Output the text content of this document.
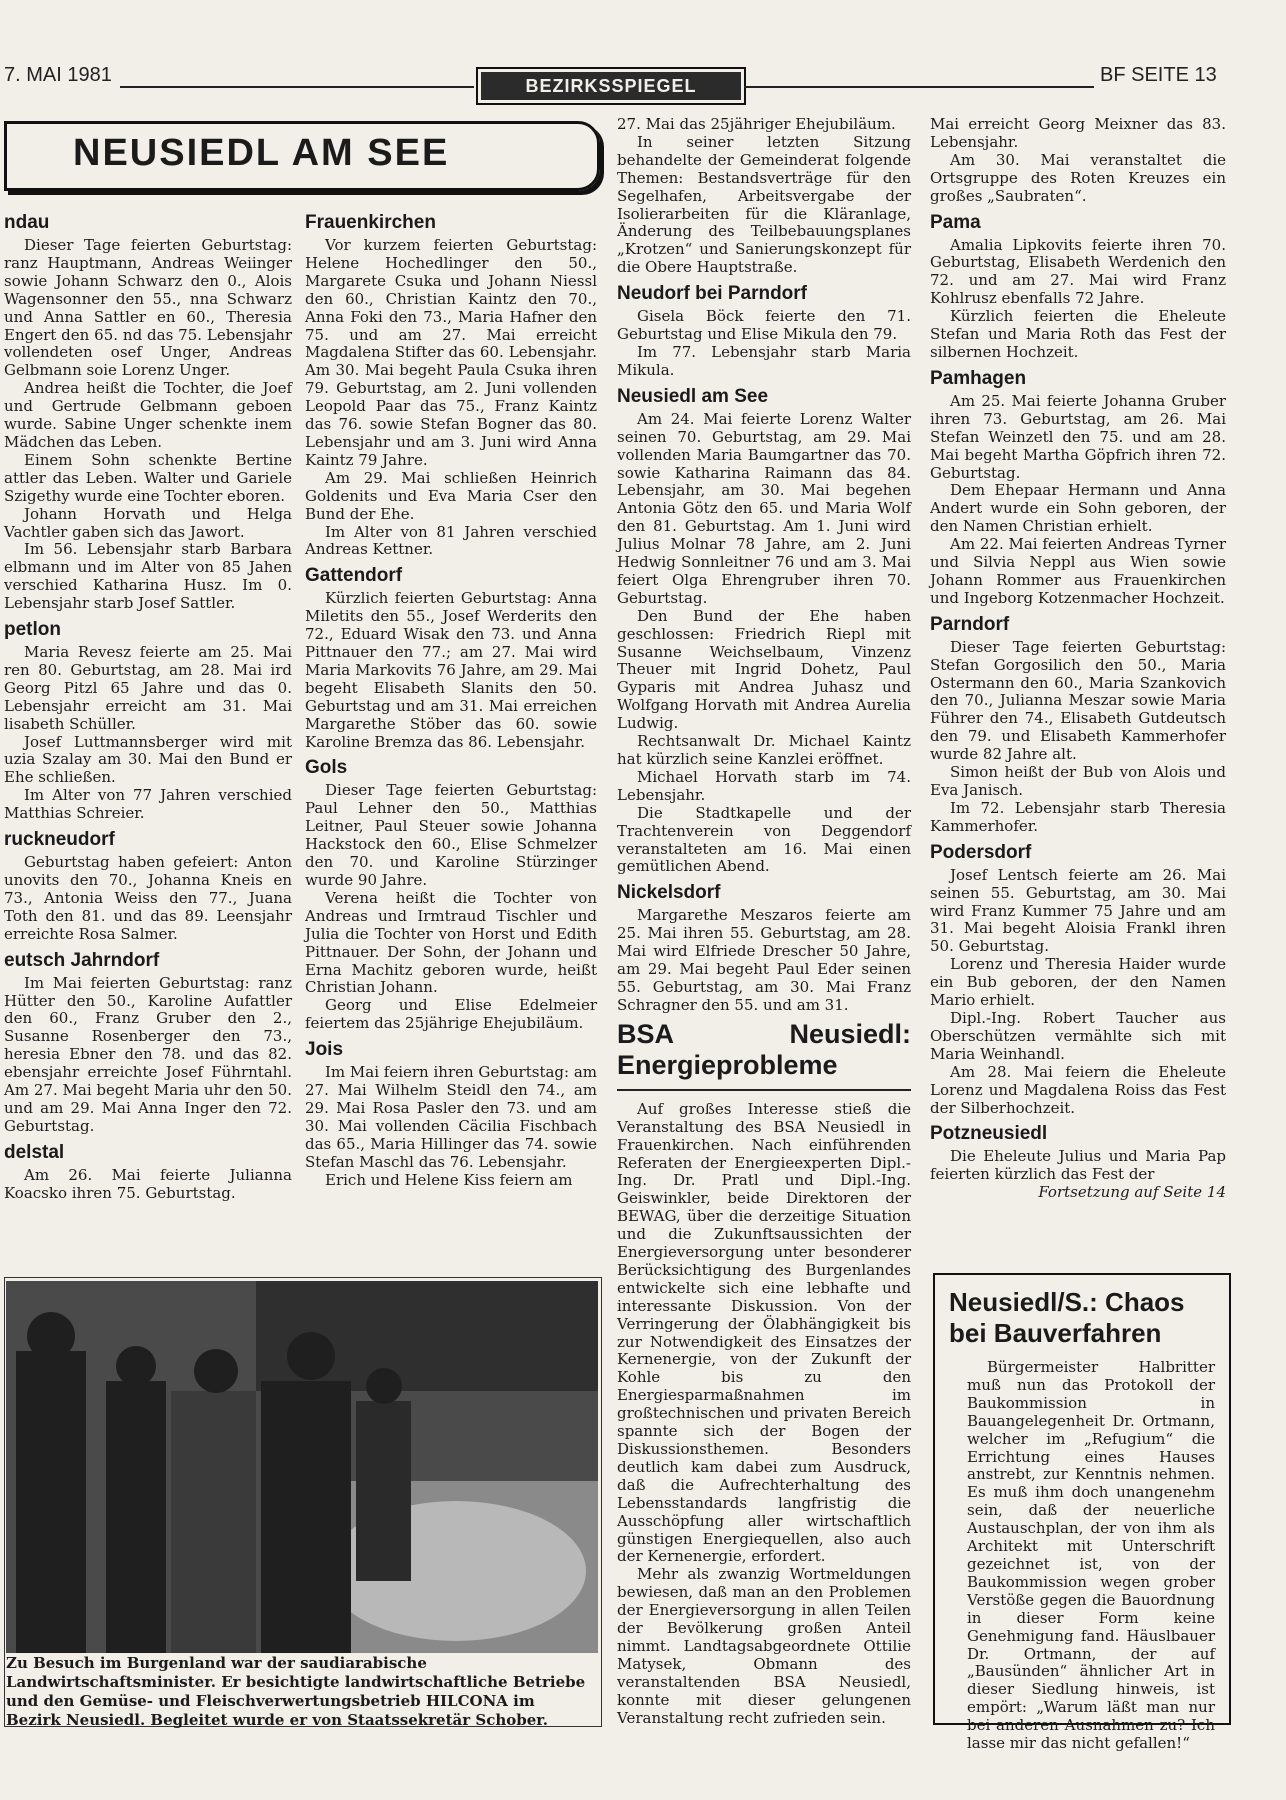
7. MAI 1981	BEZIRKSSPIEGEL	BF SEITE 13
NEUSIEDL AM SEE
ndau

Dieser Tage feierten Geburtstag: ranz Hauptmann, Andreas Weiinger sowie Johann Schwarz den 0., Alois Wagensonner den 55., nna Schwarz und Anna Sattler en 60., Theresia Engert den 65. nd das 75. Lebensjahr vollendeten osef Unger, Andreas Gelbmann soie Lorenz Unger.

Andrea heißt die Tochter, die Joef und Gertrude Gelbmann geboen wurde. Sabine Unger schenkte inem Mädchen das Leben.

Einem Sohn schenkte Bertine attler das Leben. Walter und Gariele Szigethy wurde eine Tochter eboren.

Johann Horvath und Helga Vachtler gaben sich das Jawort.

Im 56. Lebensjahr starb Barbara elbmann und im Alter von 85 Jahen verschied Katharina Husz. Im 0. Lebensjahr starb Josef Sattler.

petlon

Maria Revesz feierte am 25. Mai ren 80. Geburtstag, am 28. Mai ird Georg Pitzl 65 Jahre und das 0. Lebensjahr erreicht am 31. Mai lisabeth Schüller.

Josef Luttmannsberger wird mit uzia Szalay am 30. Mai den Bund er Ehe schließen.

Im Alter von 77 Jahren verschied Matthias Schreier.

ruckneudorf

Geburtstag haben gefeiert: Anton unovits den 70., Johanna Kneis en 73., Antonia Weiss den 77., Juana Toth den 81. und das 89. Leensjahr erreichte Rosa Salmer.

eutsch Jahrndorf

Im Mai feierten Geburtstag: ranz Hütter den 50., Karoline Aufattler den 60., Franz Gruber den 2., Susanne Rosenberger den 73., heresia Ebner den 78. und das 82. ebensjahr erreichte Josef Führntahl. Am 27. Mai begeht Maria uhr den 50. und am 29. Mai Anna Inger den 72. Geburtstag.

delstal

Am 26. Mai feierte Julianna Koacsko ihren 75. Geburtstag.

Frauenkirchen

Vor kurzem feierten Geburtstag: Helene Hochedlinger den 50., Margarete Csuka und Johann Niessl den 60., Christian Kaintz den 70., Anna Foki den 73., Maria Hafner den 75. und am 27. Mai erreicht Magdalena Stifter das 60. Lebensjahr. Am 30. Mai begeht Paula Csuka ihren 79. Geburtstag, am 2. Juni vollenden Leopold Paar das 75., Franz Kaintz das 76. sowie Stefan Bogner das 80. Lebensjahr und am 3. Juni wird Anna Kaintz 79 Jahre.

Am 29. Mai schließen Heinrich Goldenits und Eva Maria Cser den Bund der Ehe.

Im Alter von 81 Jahren verschied Andreas Kettner.

Gattendorf

Kürzlich feierten Geburtstag: Anna Miletits den 55., Josef Werderits den 72., Eduard Wisak den 73. und Anna Pittnauer den 77.; am 27. Mai wird Maria Markovits 76 Jahre, am 29. Mai begeht Elisabeth Slanits den 50. Geburtstag und am 31. Mai erreichen Margarethe Stöber das 60. sowie Karoline Bremza das 86. Lebensjahr.

Gols

Dieser Tage feierten Geburtstag: Paul Lehner den 50., Matthias Leitner, Paul Steuer sowie Johanna Hackstock den 60., Elise Schmelzer den 70. und Karoline Stürzinger wurde 90 Jahre.

Verena heißt die Tochter von Andreas und Irmtraud Tischler und Julia die Tochter von Horst und Edith Pittnauer. Der Sohn, der Johann und Erna Machitz geboren wurde, heißt Christian Johann.

Georg und Elise Edelmeier feiertem das 25jährige Ehejubiläum.

Jois

Im Mai feiern ihren Geburtstag: am 27. Mai Wilhelm Steidl den 74., am 29. Mai Rosa Pasler den 73. und am 30. Mai vollenden Cäcilia Fischbach das 65., Maria Hillinger das 74. sowie Stefan Maschl das 76. Lebensjahr.

Erich und Helene Kiss feiern am

27. Mai das 25jähriger Ehejubiläum.

In seiner letzten Sitzung behandelte der Gemeinderat folgende Themen: Bestandsverträge für den Segelhafen, Arbeitsvergabe der Isolierarbeiten für die Kläranlage, Änderung des Teilbebauungsplanes „Krotzen“ und Sanierungskonzept für die Obere Hauptstraße.

Neudorf bei Parndorf

Gisela Böck feierte den 71. Geburtstag und Elise Mikula den 79.

Im 77. Lebensjahr starb Maria Mikula.

Neusiedl am See

Am 24. Mai feierte Lorenz Walter seinen 70. Geburtstag, am 29. Mai vollenden Maria Baumgartner das 70. sowie Katharina Raimann das 84. Lebensjahr, am 30. Mai begehen Antonia Götz den 65. und Maria Wolf den 81. Geburtstag. Am 1. Juni wird Julius Molnar 78 Jahre, am 2. Juni Hedwig Sonnleitner 76 und am 3. Mai feiert Olga Ehrengruber ihren 70. Geburtstag.

Den Bund der Ehe haben geschlossen: Friedrich Riepl mit Susanne Weichselbaum, Vinzenz Theuer mit Ingrid Dohetz, Paul Gyparis mit Andrea Juhasz und Wolfgang Horvath mit Andrea Aurelia Ludwig.

Rechtsanwalt Dr. Michael Kaintz hat kürzlich seine Kanzlei eröffnet.

Michael Horvath starb im 74. Lebensjahr.

Die Stadtkapelle und der Trachtenverein von Deggendorf veranstalteten am 16. Mai einen gemütlichen Abend.

Nickelsdorf

Margarethe Meszaros feierte am 25. Mai ihren 55. Geburtstag, am 28. Mai wird Elfriede Drescher 50 Jahre, am 29. Mai begeht Paul Eder seinen 55. Geburtstag, am 30. Mai Franz Schragner den 55. und am 31.

BSA Neusiedl: Energieprobleme

Auf großes Interesse stieß die Veranstaltung des BSA Neusiedl in Frauenkirchen. Nach einführenden Referaten der Energieexperten Dipl.-Ing. Dr. Pratl und Dipl.-Ing. Geiswinkler, beide Direktoren der BEWAG, über die derzeitige Situation und die Zukunftsaussichten der Energieversorgung unter besonderer Berücksichtigung des Burgenlandes entwickelte sich eine lebhafte und interessante Diskussion. Von der Verringerung der Ölabhängigkeit bis zur Notwendigkeit des Einsatzes der Kernenergie, von der Zukunft der Kohle bis zu den Energiesparmaßnahmen im großtechnischen und privaten Bereich spannte sich der Bogen der Diskussionsthemen. Besonders deutlich kam dabei zum Ausdruck, daß die Aufrechterhaltung des Lebensstandards langfristig die Ausschöpfung aller wirtschaftlich günstigen Energiequellen, also auch der Kernenergie, erfordert.

Mehr als zwanzig Wortmeldungen bewiesen, daß man an den Problemen der Energieversorgung in allen Teilen der Bevölkerung großen Anteil nimmt. Landtagsabgeordnete Ottilie Matysek, Obmann des veranstaltenden BSA Neusiedl, konnte mit dieser gelungenen Veranstaltung recht zufrieden sein.

Mai erreicht Georg Meixner das 83. Lebensjahr.

Am 30. Mai veranstaltet die Ortsgruppe des Roten Kreuzes ein großes „Saubraten“.

Pama

Amalia Lipkovits feierte ihren 70. Geburtstag, Elisabeth Werdenich den 72. und am 27. Mai wird Franz Kohlrusz ebenfalls 72 Jahre.

Kürzlich feierten die Eheleute Stefan und Maria Roth das Fest der silbernen Hochzeit.

Pamhagen

Am 25. Mai feierte Johanna Gruber ihren 73. Geburtstag, am 26. Mai Stefan Weinzetl den 75. und am 28. Mai begeht Martha Göpfrich ihren 72. Geburtstag.

Dem Ehepaar Hermann und Anna Andert wurde ein Sohn geboren, der den Namen Christian erhielt.

Am 22. Mai feierten Andreas Tyrner und Silvia Neppl aus Wien sowie Johann Rommer aus Frauenkirchen und Ingeborg Kotzenmacher Hochzeit.

Parndorf

Dieser Tage feierten Geburtstag: Stefan Gorgosilich den 50., Maria Ostermann den 60., Maria Szankovich den 70., Julianna Meszar sowie Maria Führer den 74., Elisabeth Gutdeutsch den 79. und Elisabeth Kammerhofer wurde 82 Jahre alt.

Simon heißt der Bub von Alois und Eva Janisch.

Im 72. Lebensjahr starb Theresia Kammerhofer.

Podersdorf

Josef Lentsch feierte am 26. Mai seinen 55. Geburtstag, am 30. Mai wird Franz Kummer 75 Jahre und am 31. Mai begeht Aloisia Frankl ihren 50. Geburtstag.

Lorenz und Theresia Haider wurde ein Bub geboren, der den Namen Mario erhielt.

Dipl.-Ing. Robert Taucher aus Oberschützen vermählte sich mit Maria Weinhandl.

Am 28. Mai feiern die Eheleute Lorenz und Magdalena Roiss das Fest der Silberhochzeit.

Potzneusiedl

Die Eheleute Julius und Maria Pap feierten kürzlich das Fest der

Fortsetzung auf Seite 14

Neusiedl/S.: Chaos bei Bauverfahren

Bürgermeister Halbritter muß nun das Protokoll der Baukommission in Bauangelegenheit Dr. Ortmann, welcher im „Refugium“ die Errichtung eines Hauses anstrebt, zur Kenntnis nehmen. Es muß ihm doch unangenehm sein, daß der neuerliche Austauschplan, der von ihm als Architekt mit Unterschrift gezeichnet ist, von der Baukommission wegen grober Verstöße gegen die Bauordnung in dieser Form keine Genehmigung fand. Häuslbauer Dr. Ortmann, der auf „Bausünden“ ähnlicher Art in dieser Siedlung hinweis, ist empört: „Warum läßt man nur bei anderen Ausnahmen zu? Ich lasse mir das nicht gefallen!“

Zu Besuch im Burgenland war der saudiarabische Landwirtschaftsminister. Er besichtigte landwirtschaftliche Betriebe und den Gemüse- und Fleischverwertungsbetrieb HILCONA im Bezirk Neusiedl. Begleitet wurde er von Staatssekretär Schober.
